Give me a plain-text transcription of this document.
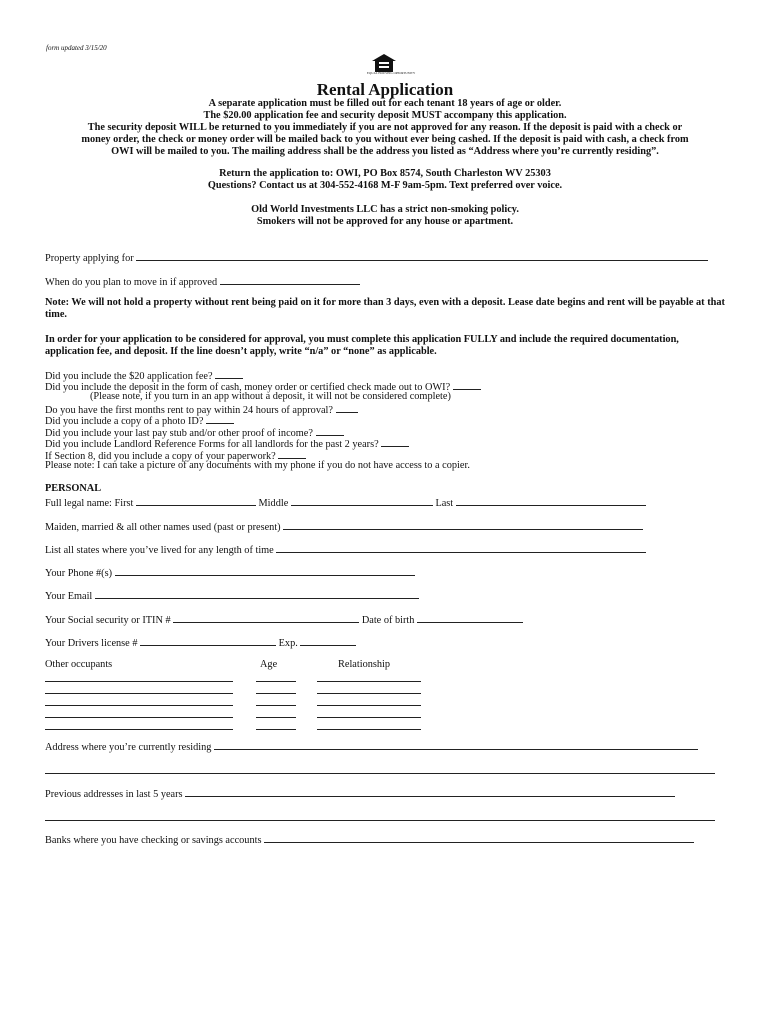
form updated 3/15/20
EQUAL HOUSING OPPORTUNITY
Rental Application
A separate application must be filled out for each tenant 18 years of age or older.
The $20.00 application fee and security deposit MUST accompany this application.
The security deposit WILL be returned to you immediately if you are not approved for any reason. If the deposit is paid with a check or
money order, the check or money order will be mailed back to you without ever being cashed. If the deposit is paid with cash, a check from
OWI will be mailed to you. The mailing address shall be the address you listed as “Address where you’re currently residing”.
Return the application to: OWI, PO Box 8574, South Charleston WV 25303
Questions? Contact us at 304-552-4168 M-F 9am-5pm. Text preferred over voice.
Old World Investments LLC has a strict non-smoking policy.
Smokers will not be approved for any house or apartment.
Property applying for
When do you plan to move in if approved
Note: We will not hold a property without rent being paid on it for more than 3 days, even with a deposit. Lease date begins and rent will be payable at that time.
In order for your application to be considered for approval, you must complete this application FULLY and include the required documentation, application fee, and deposit. If the line doesn’t apply, write “n/a” or “none” as applicable.
Did you include the $20 application fee?
Did you include the deposit in the form of cash, money order or certified check made out to OWI?
(Please note, if you turn in an app without a deposit, it will not be considered complete)
Do you have the first months rent to pay within 24 hours of approval?
Did you include a copy of a photo ID?
Did you include your last pay stub and/or other proof of income?
Did you include Landlord Reference Forms for all landlords for the past 2 years?
If Section 8, did you include a copy of your paperwork?
Please note: I can take a picture of any documents with my phone if you do not have access to a copier.
PERSONAL
Full legal name: First	Middle	Last
Maiden, married & all other names used (past or present)
List all states where you’ve lived for any length of time
Your Phone #(s)
Your Email
Your Social security or ITIN #	Date of birth
Your Drivers license #	Exp.
Other occupants	Age	Relationship
Address where you’re currently residing
Previous addresses in last 5 years
Banks where you have checking or savings accounts
